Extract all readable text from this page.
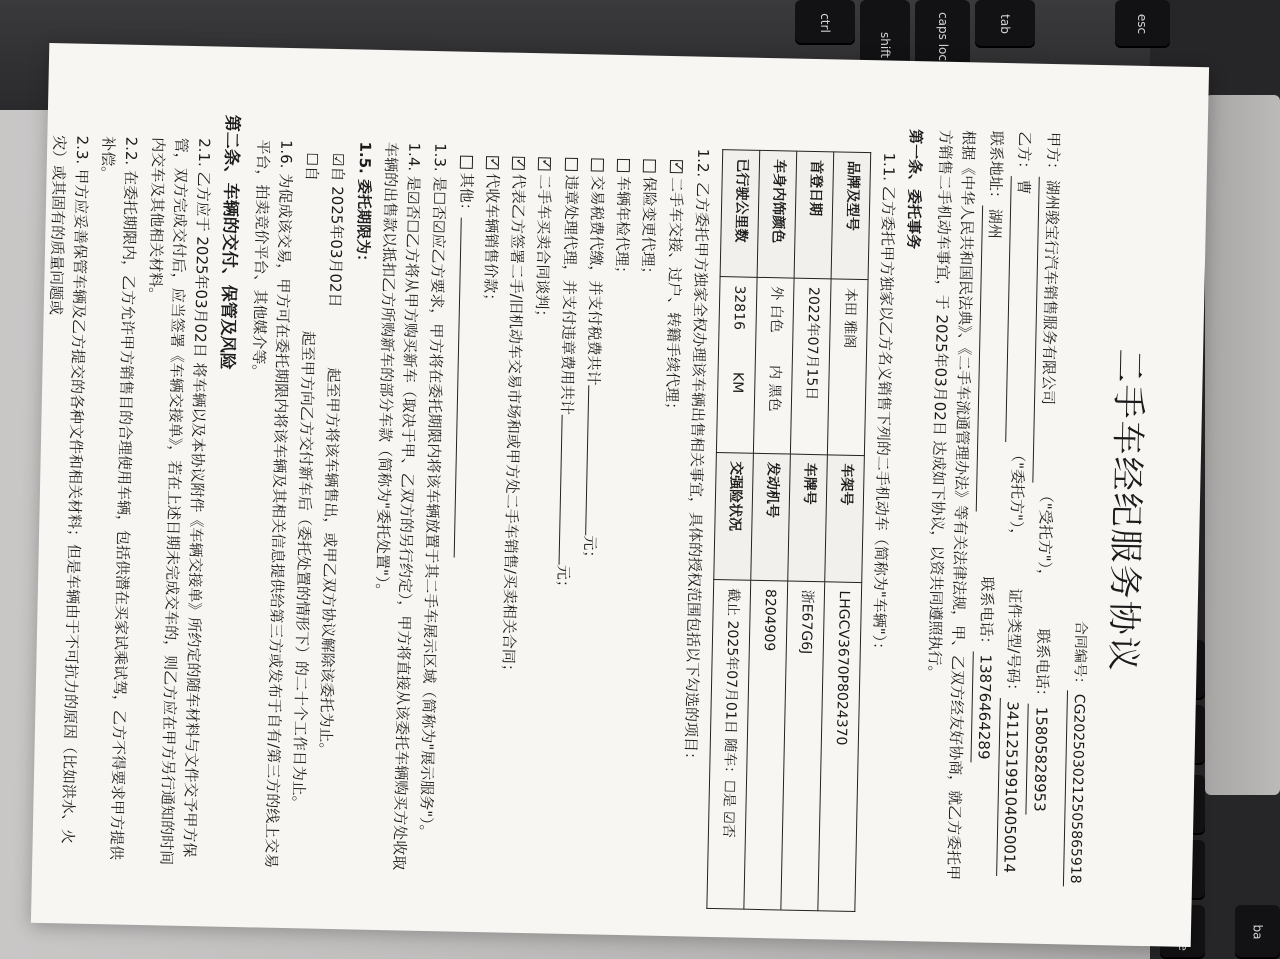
esc
tab
caps lock
shift
ctrl
ba
二手车经纪服务协议
合同编号：CG2025030212505865918
甲方：湖州骏宝行汽车销售服务有限公司 （"受托方"）， 联系电话：15805828953
乙方：曹 （"委托方"）， 证件类型/号码：341125199104050014
联系地址：湖州 联系电话：13876464289
根据《中华人民共和国民法典》、《二手车流通管理办法》等有关法律法规，甲、乙双方经友好协商，就乙方委托甲方销售二手机动车事宜，于 2025年03月02日 达成如下协议，以资共同遵照执行。
第一条、委托事务
1.1. 乙方委托甲方独家以乙方名义销售下列的二手机动车（简称为"车辆"）：
品牌及型号	本田 雅阁	车架号	LHGCV3670P8024370
首登日期	2022年07月15日	车牌号	浙E67G6J
车身内饰颜色	外 白色　　 内 黑色	发动机号	8204909
已行驶公里数	32816　　　KM	交强险状况	截止 2025年07月01日 随车：☐是 ☑否
1.2. 乙方委托甲方独家全权办理该车辆出售相关事宜，具体的授权范围包括以下勾选的项目：
✓二手车交接、过户、转籍手续代理；
保险变更代理；
车辆年检代理；
交易税费代缴，并支付税费共计元；
违章处理代理，并支付违章费用共计元；
✓二手车买卖合同谈判；
✓代表乙方签署二手/旧机动车交易市场和或甲方处二手车销售/买卖相关合同；
✓代收车辆销售价款；
其他：
1.3. 是☐否☑应乙方要求，甲方将在委托期限内将该车辆放置于其二手车展示区域（简称为"展示服务"）。
1.4. 是☑否☐乙方将从甲方购买新车（取决于甲、乙双方的另行约定），甲方将直接从该委托车辆购买方处收取车辆的出售款以抵扣乙方所购新车的部分车款（简称为"委托处置"）。
1.5. 委托期限为：
☑自 2025年03月02日　　　　起至甲方将该车辆售出，或甲乙双方协议解除该委托为止。
☐自　　　　　　　　　　起至甲方向乙方交付新车后（委托处置的情形下）的二十个工作日为止。
1.6. 为促成该交易，甲方可在委托期限内将该车辆及其相关信息提供给第三方或发布于自有/第三方的线上交易平台，拍卖竞价平台、其他媒介等。
第二条、车辆的交付、保管及风险
2.1. 乙方应于 2025年03月02日 将车辆以及本协议附件《车辆交接单》所约定的随车材料与文件交予甲方保管，双方完成交付后，应当签署《车辆交接单》，若在上述日期未完成交车的，则乙方应在甲方另行通知的时间内交车及其他相关材料。
2.2. 在委托期限内，乙方允许甲方销售目的合理使用车辆，包括供潜在买家试乘试驾，乙方不得要求甲方提供补偿。
2.3. 甲方应妥善保管车辆及乙方提交的各种文件和相关材料；但是车辆由于不可抗力的原因（比如洪水、火灾）或其固有的质量问题或
